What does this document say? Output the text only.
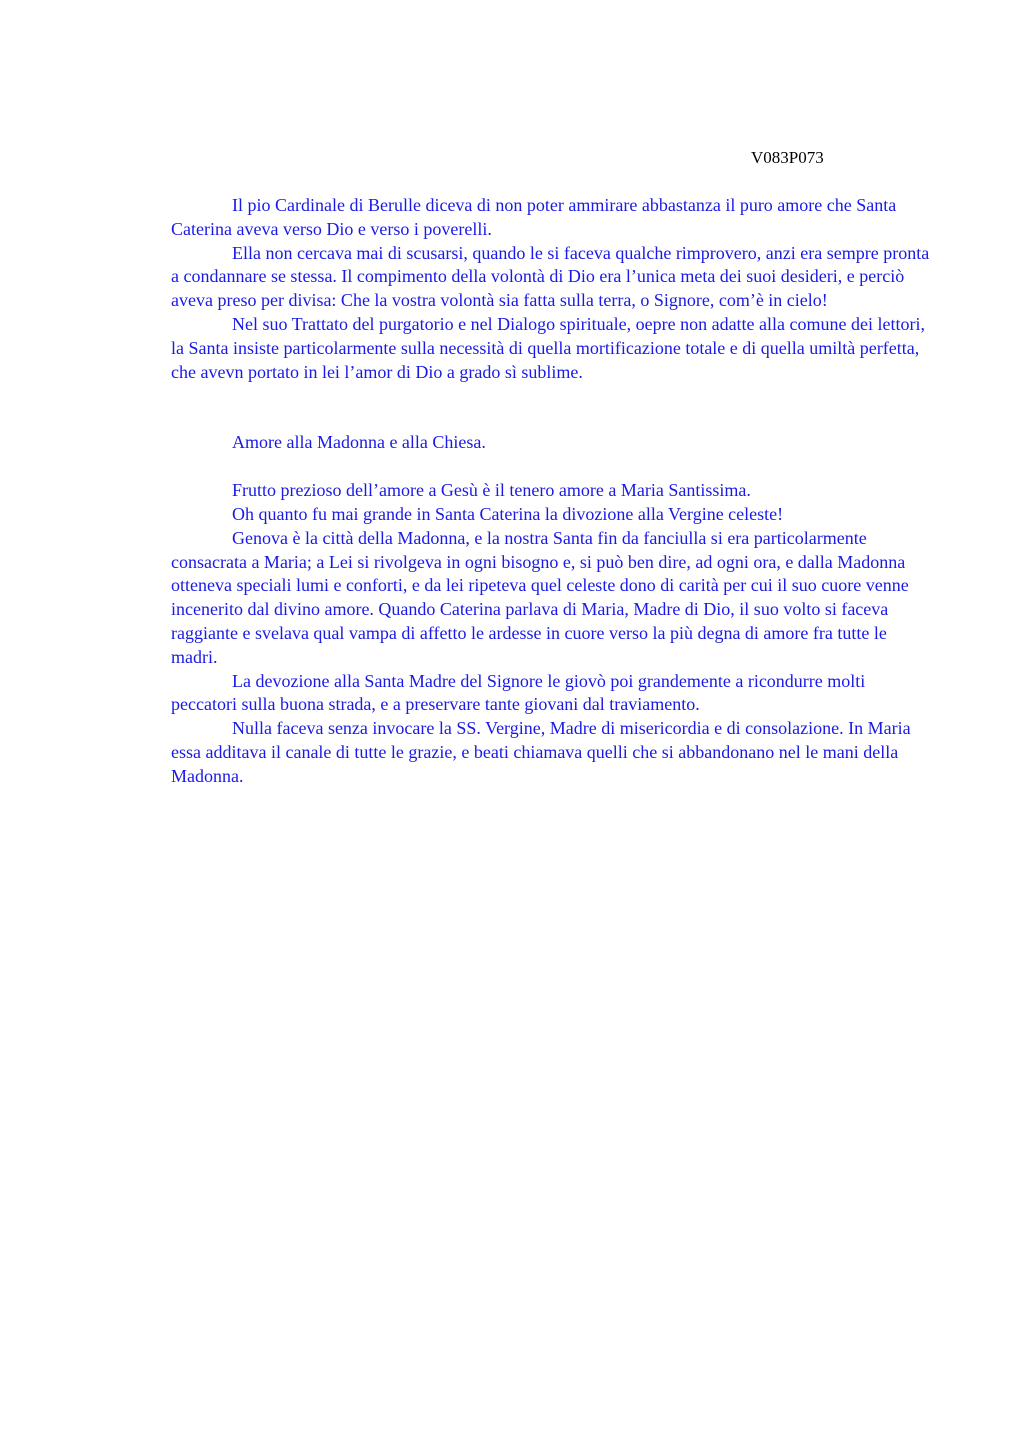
V083P073

Il pio Cardinale di Berulle diceva di non poter ammirare abbastanza il puro amore che Santa Caterina aveva verso Dio e verso i poverelli.

Ella non cercava mai di scusarsi, quando le si faceva qualche rimprovero, anzi era sempre pronta a condannare se stessa. Il compimento della volontà di Dio era l’unica meta dei suoi desideri, e perciò aveva preso per divisa: Che la vostra volontà sia fatta sulla terra, o Signore, com’è in cielo!

Nel suo Trattato del purgatorio e nel Dialogo spirituale, oepre non adatte alla comune dei lettori, la Santa insiste particolarmente sulla necessità di quella mortificazione totale e di quella umiltà perfetta, che avevn portato in lei l’amor di Dio a grado sì sublime.

Amore alla Madonna e alla Chiesa.

Frutto prezioso dell’amore a Gesù è il tenero amore a Maria Santissima.

Oh quanto fu mai grande in Santa Caterina la divozione alla Vergine celeste!

Genova è la città della Madonna, e la nostra Santa fin da fanciulla si era particolarmente consacrata a Maria; a Lei si rivolgeva in ogni bisogno e, si può ben dire, ad ogni ora, e dalla Madonna otteneva speciali lumi e conforti, e da lei ripeteva quel celeste dono di carità per cui il suo cuore venne incenerito dal divino amore. Quando Caterina parlava di Maria, Madre di Dio, il suo volto si faceva raggiante e svelava qual vampa di affetto le ardesse in cuore verso la più degna di amore fra tutte le madri.

La devozione alla Santa Madre del Signore le giovò poi grandemente a ricondurre molti peccatori sulla buona strada, e a preservare tante giovani dal traviamento.

Nulla faceva senza invocare la SS. Vergine, Madre di misericordia e di consolazione. In Maria essa additava il canale di tutte le grazie, e beati chiamava quelli che si abbandonano nel le mani della Madonna.
